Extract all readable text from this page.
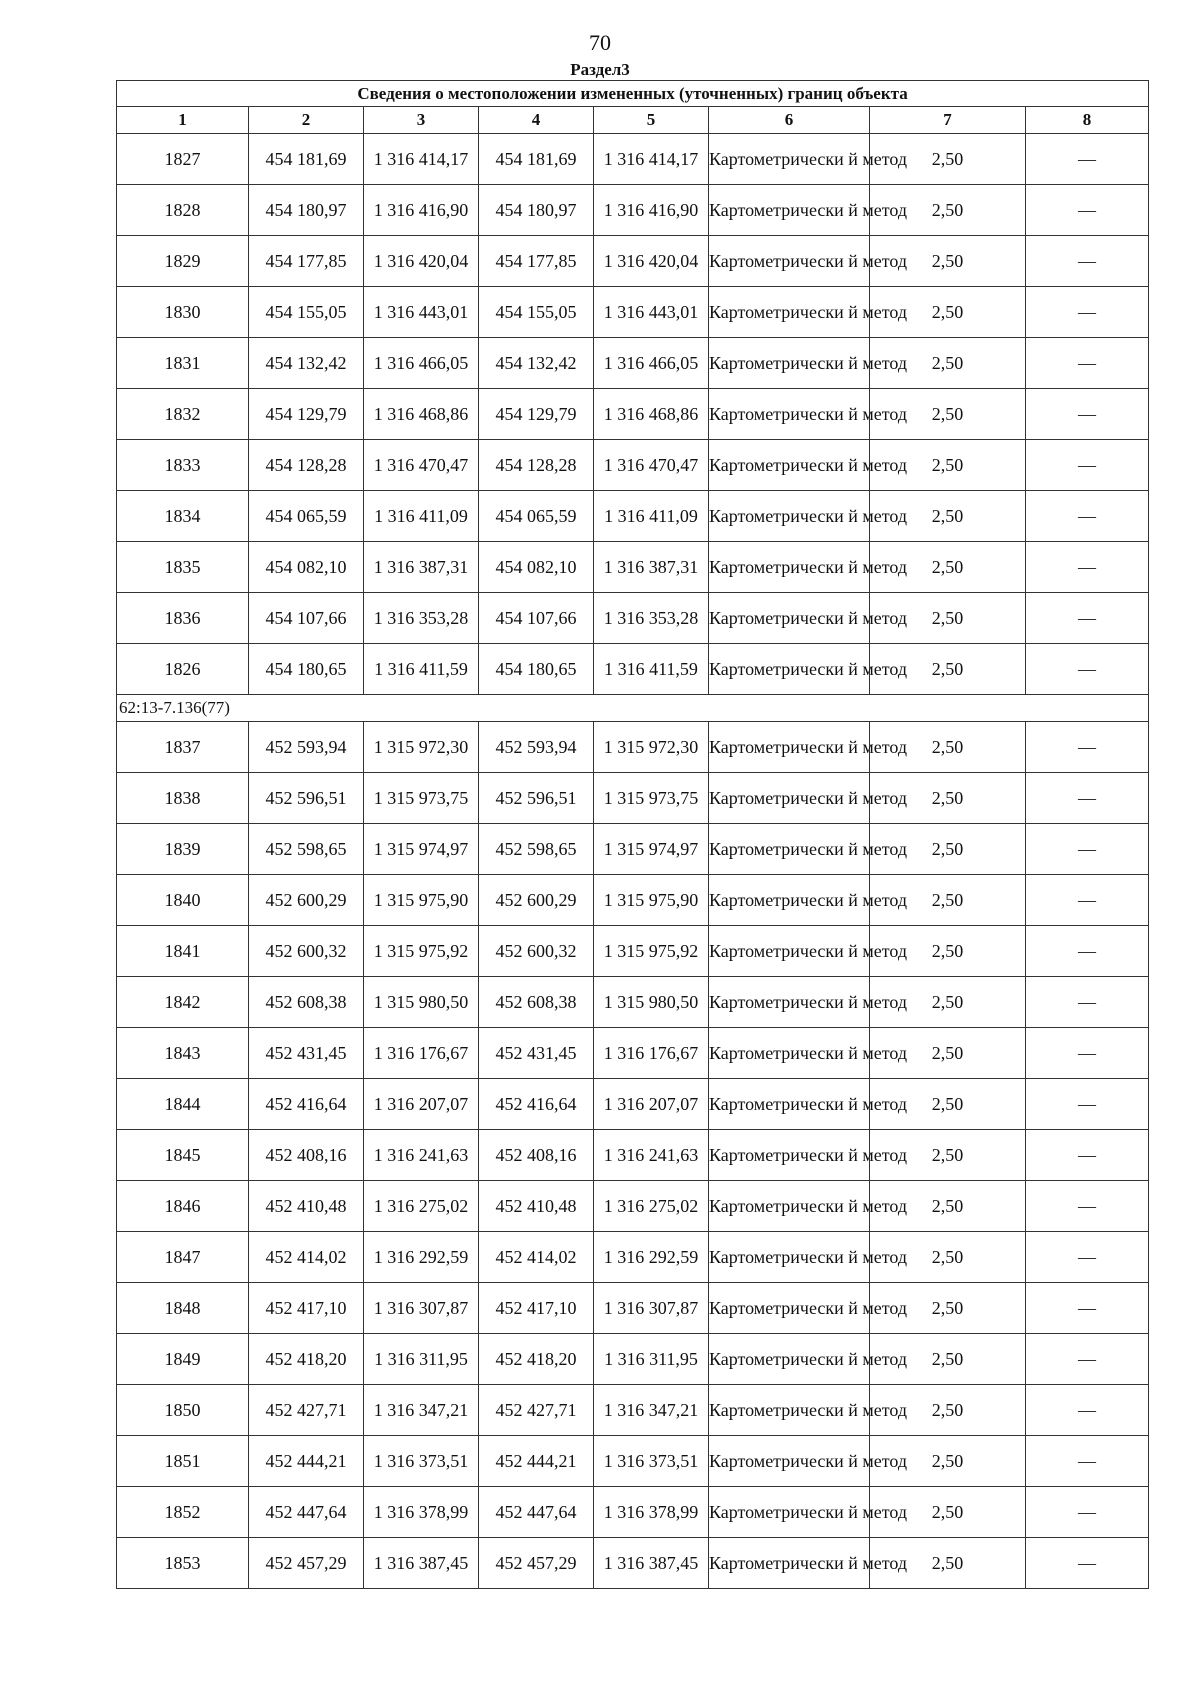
70
Раздел3
Сведения о местоположении измененных (уточненных) границ объекта							
1	2	3	4	5	6	7	8
1827	454 181,69	1 316 414,17	454 181,69	1 316 414,17	Картометрически й метод	2,50	—
1828	454 180,97	1 316 416,90	454 180,97	1 316 416,90	Картометрически й метод	2,50	—
1829	454 177,85	1 316 420,04	454 177,85	1 316 420,04	Картометрически й метод	2,50	—
1830	454 155,05	1 316 443,01	454 155,05	1 316 443,01	Картометрически й метод	2,50	—
1831	454 132,42	1 316 466,05	454 132,42	1 316 466,05	Картометрически й метод	2,50	—
1832	454 129,79	1 316 468,86	454 129,79	1 316 468,86	Картометрически й метод	2,50	—
1833	454 128,28	1 316 470,47	454 128,28	1 316 470,47	Картометрически й метод	2,50	—
1834	454 065,59	1 316 411,09	454 065,59	1 316 411,09	Картометрически й метод	2,50	—
1835	454 082,10	1 316 387,31	454 082,10	1 316 387,31	Картометрически й метод	2,50	—
1836	454 107,66	1 316 353,28	454 107,66	1 316 353,28	Картометрически й метод	2,50	—
1826	454 180,65	1 316 411,59	454 180,65	1 316 411,59	Картометрически й метод	2,50	—
62:13-7.136(77)							
1837	452 593,94	1 315 972,30	452 593,94	1 315 972,30	Картометрически й метод	2,50	—
1838	452 596,51	1 315 973,75	452 596,51	1 315 973,75	Картометрически й метод	2,50	—
1839	452 598,65	1 315 974,97	452 598,65	1 315 974,97	Картометрически й метод	2,50	—
1840	452 600,29	1 315 975,90	452 600,29	1 315 975,90	Картометрически й метод	2,50	—
1841	452 600,32	1 315 975,92	452 600,32	1 315 975,92	Картометрически й метод	2,50	—
1842	452 608,38	1 315 980,50	452 608,38	1 315 980,50	Картометрически й метод	2,50	—
1843	452 431,45	1 316 176,67	452 431,45	1 316 176,67	Картометрически й метод	2,50	—
1844	452 416,64	1 316 207,07	452 416,64	1 316 207,07	Картометрически й метод	2,50	—
1845	452 408,16	1 316 241,63	452 408,16	1 316 241,63	Картометрически й метод	2,50	—
1846	452 410,48	1 316 275,02	452 410,48	1 316 275,02	Картометрически й метод	2,50	—
1847	452 414,02	1 316 292,59	452 414,02	1 316 292,59	Картометрически й метод	2,50	—
1848	452 417,10	1 316 307,87	452 417,10	1 316 307,87	Картометрически й метод	2,50	—
1849	452 418,20	1 316 311,95	452 418,20	1 316 311,95	Картометрически й метод	2,50	—
1850	452 427,71	1 316 347,21	452 427,71	1 316 347,21	Картометрически й метод	2,50	—
1851	452 444,21	1 316 373,51	452 444,21	1 316 373,51	Картометрически й метод	2,50	—
1852	452 447,64	1 316 378,99	452 447,64	1 316 378,99	Картометрически й метод	2,50	—
1853	452 457,29	1 316 387,45	452 457,29	1 316 387,45	Картометрически й метод	2,50	—
